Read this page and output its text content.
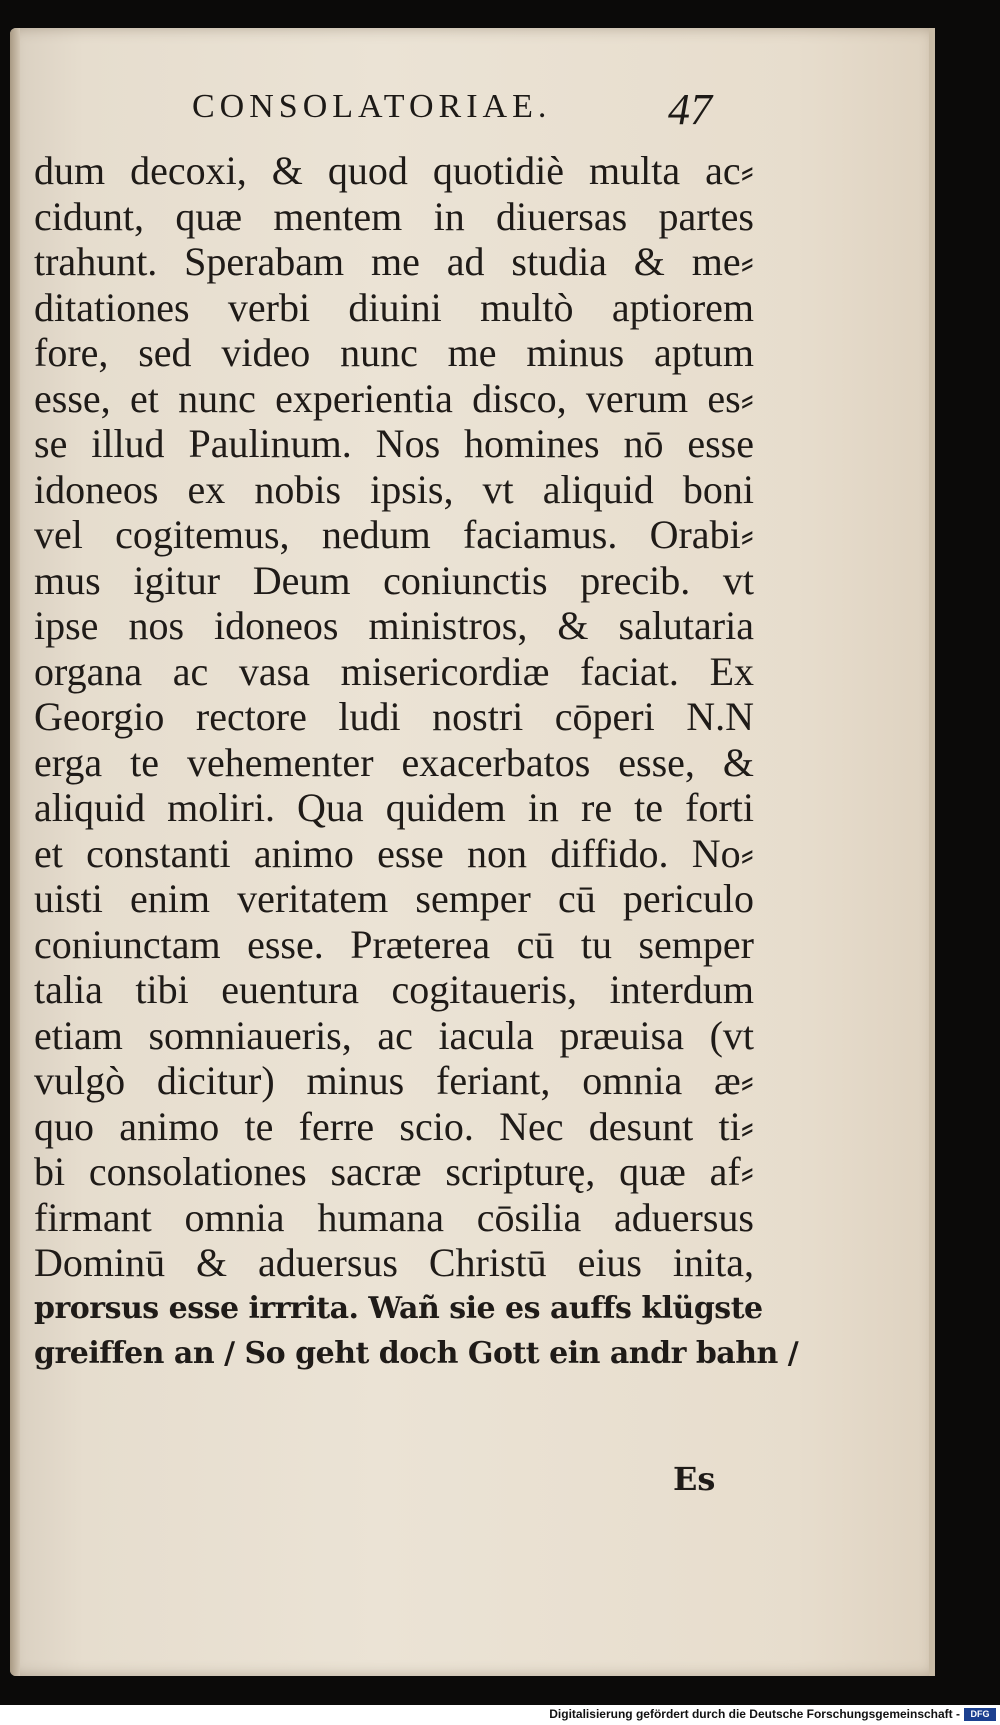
CONSOLATORIAE.	47
dum decoxi, & quod quotidiè multa ac⸗
cidunt, quæ mentem in diuersas partes
trahunt. Sperabam me ad studia & me⸗
ditationes verbi diuini multò aptiorem
fore, sed video nunc me minus aptum
esse, et nunc experientia disco, verum es⸗
se illud Paulinum. Nos homines nō esse
idoneos ex nobis ipsis, vt aliquid boni
vel cogitemus, nedum faciamus. Orabi⸗
mus igitur Deum coniunctis precib. vt
ipse nos idoneos ministros, & salutaria
organa ac vasa misericordiæ faciat. Ex
Georgio rectore ludi nostri cōperi N.N
erga te vehementer exacerbatos esse, &
aliquid moliri. Qua quidem in re te forti
et constanti animo esse non diffido. No⸗
uisti enim veritatem semper cū periculo
coniunctam esse. Præterea cū tu semper
talia tibi euentura cogitaueris, interdum
etiam somniaueris, ac iacula præuisa (vt
vulgò dicitur) minus feriant, omnia æ⸗
quo animo te ferre scio. Nec desunt ti⸗
bi consolationes sacræ scripturę, quæ af⸗
firmant omnia humana cōsilia aduersus
Dominū & aduersus Christū eius inita,
prorsus esse irrrita. Wañ sie es auffs klügste
greiffen an / So geht doch Gott ein andr bahn /
Es
Digitalisierung gefördert durch die Deutsche Forschungsgemeinschaft -	DFG
